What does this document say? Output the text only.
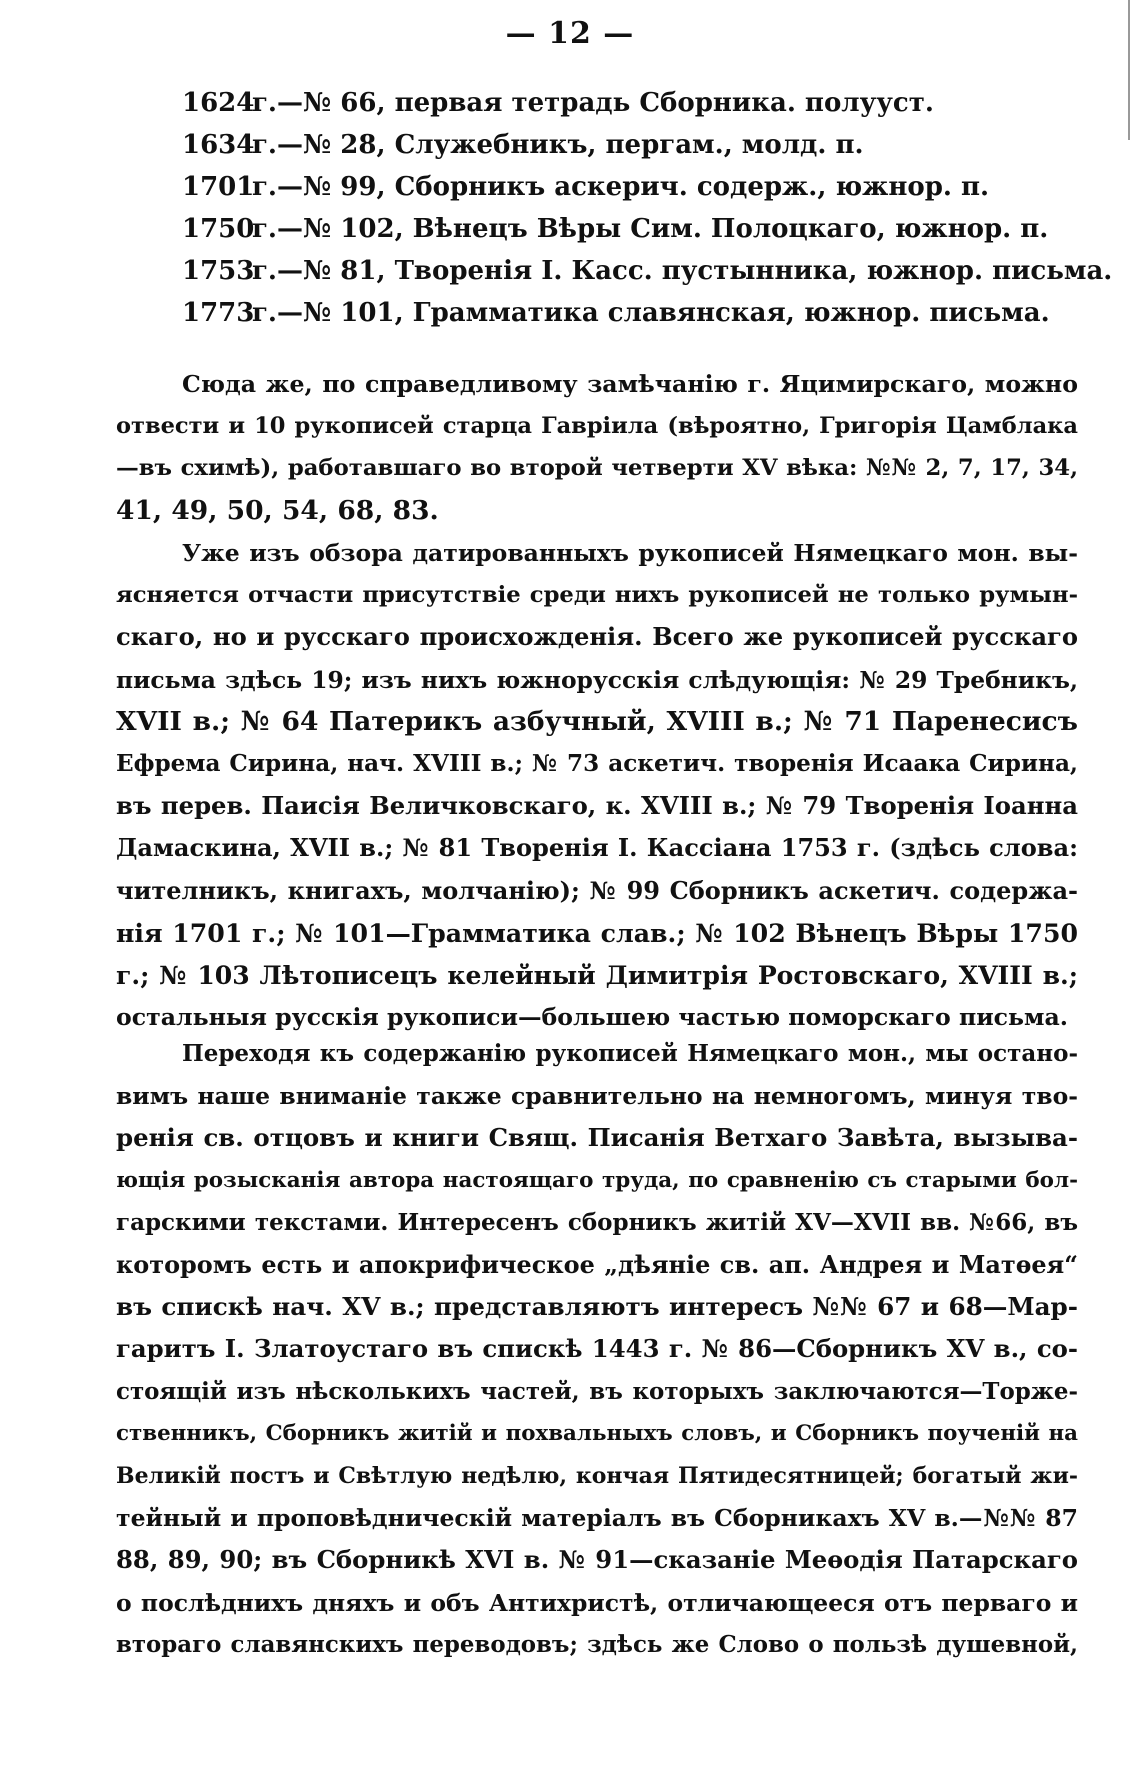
— 12 —
1624г.—№ 66, первая тетрадь Сборника. полууст.
1634г.—№ 28, Служебникъ, пергам., молд. п.
1701г.—№ 99, Сборникъ аскерич. содерж., южнор. п.
1750г.—№ 102, Вѣнецъ Вѣры Сим. Полоцкаго, южнор. п.
1753г.—№ 81, Творенія I. Касс. пустынника, южнор. письма.
1773г.—№ 101, Грамматика славянская, южнор. письма.
Сюда же, по справедливому замѣчанію г. Яцимирскаго, можно
отвести и 10 рукописей старца Гавріила (вѣроятно, Григорія Цамблака
—въ схимѣ), работавшаго во второй четверти XV вѣка: №№ 2, 7, 17, 34,
41, 49, 50, 54, 68, 83.
Уже изъ обзора датированныхъ рукописей Нямецкаго мон. вы-
ясняется отчасти присутствіе среди нихъ рукописей не только румын-
скаго, но и русскаго происхожденія. Всего же рукописей русскаго
письма здѣсь 19; изъ нихъ южнорусскія слѣдующія: № 29 Требникъ,
XVII в.; № 64 Патерикъ азбучный, XVIII в.; № 71 Паренесисъ
Ефрема Сирина, нач. XVIII в.; № 73 аскетич. творенія Исаака Сирина,
въ перев. Паисія Величковскаго, к. XVIII в.; № 79 Творенія Іоанна
Дамаскина, XVII в.; № 81 Творенія I. Кассіана 1753 г. (здѣсь слова:
чителникъ, книгахъ, молчанію); № 99 Сборникъ аскетич. содержа-
нія 1701 г.; № 101—Грамматика слав.; № 102 Вѣнецъ Вѣры 1750
г.; № 103 Лѣтописецъ келейный Димитрія Ростовскаго, XVIII в.;
остальныя русскія рукописи—большею частью поморскаго письма.
Переходя къ содержанію рукописей Нямецкаго мон., мы остано-
вимъ наше вниманіе также сравнительно на немногомъ, минуя тво-
ренія св. отцовъ и книги Свящ. Писанія Ветхаго Завѣта, вызыва-
ющія розысканія автора настоящаго труда, по сравненію съ старыми бол-
гарскими текстами. Интересенъ сборникъ житій XV—XVII вв. №66, въ
которомъ есть и апокрифическое „дѣяніе св. ап. Андрея и Матѳея“
въ спискѣ нач. XV в.; представляютъ интересъ №№ 67 и 68—Мар-
гаритъ I. Златоустаго въ спискѣ 1443 г. № 86—Сборникъ XV в., со-
стоящій изъ нѣсколькихъ частей, въ которыхъ заключаются—Торже-
ственникъ, Сборникъ житій и похвальныхъ словъ, и Сборникъ поученій на
Великій постъ и Свѣтлую недѣлю, кончая Пятидесятницей; богатый жи-
тейный и проповѣдническій матеріалъ въ Сборникахъ XV в.—№№ 87
88, 89, 90; въ Сборникѣ XVI в. № 91—сказаніе Меѳодія Патарскаго
о послѣднихъ дняхъ и объ Антихристѣ, отличающееся отъ перваго и
втораго славянскихъ переводовъ; здѣсь же Слово о пользѣ душевной,
